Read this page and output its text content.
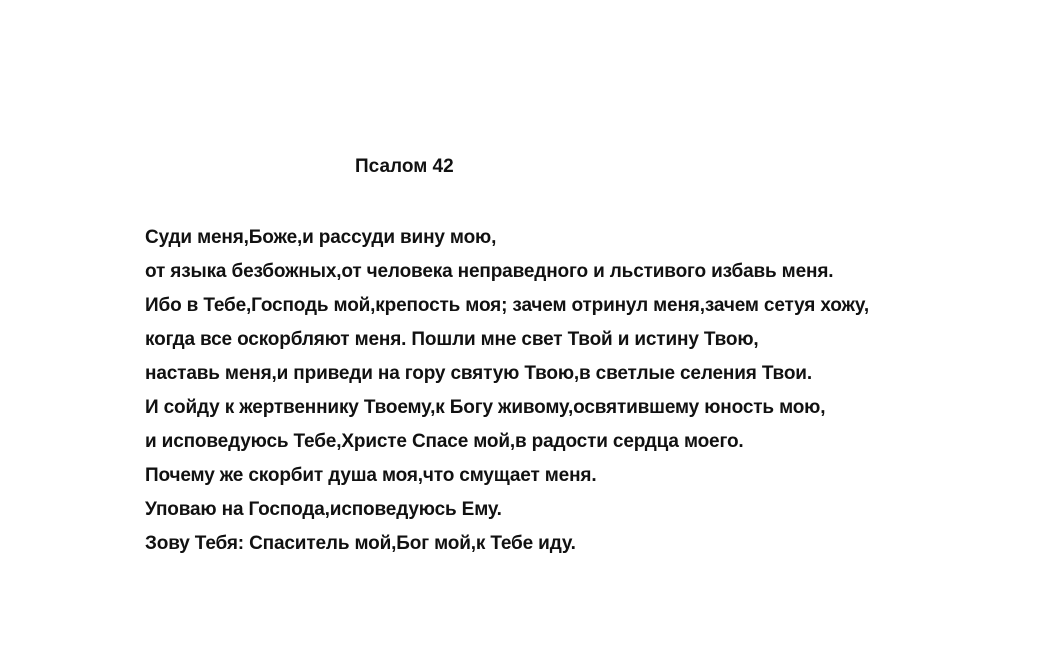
Псалом 42
Суди меня,Боже,и рассуди вину мою,
от языка безбожных,от человека неправедного и льстивого избавь меня.
Ибо в Тебе,Господь мой,крепость моя; зачем отринул меня,зачем сетуя хожу,
когда все оскорбляют меня. Пошли мне свет Твой и истину Твою,
наставь меня,и приведи на гору святую Твою,в светлые селения Твои.
И сойду к жертвеннику Твоему,к Богу живому,освятившему юность мою,
и исповедуюсь Тебе,Христе Спасе мой,в радости сердца моего.
Почему же скорбит душа моя,что смущает меня.
Уповаю на Господа,исповедуюсь Ему.
Зову Тебя: Спаситель мой,Бог мой,к Тебе иду.
